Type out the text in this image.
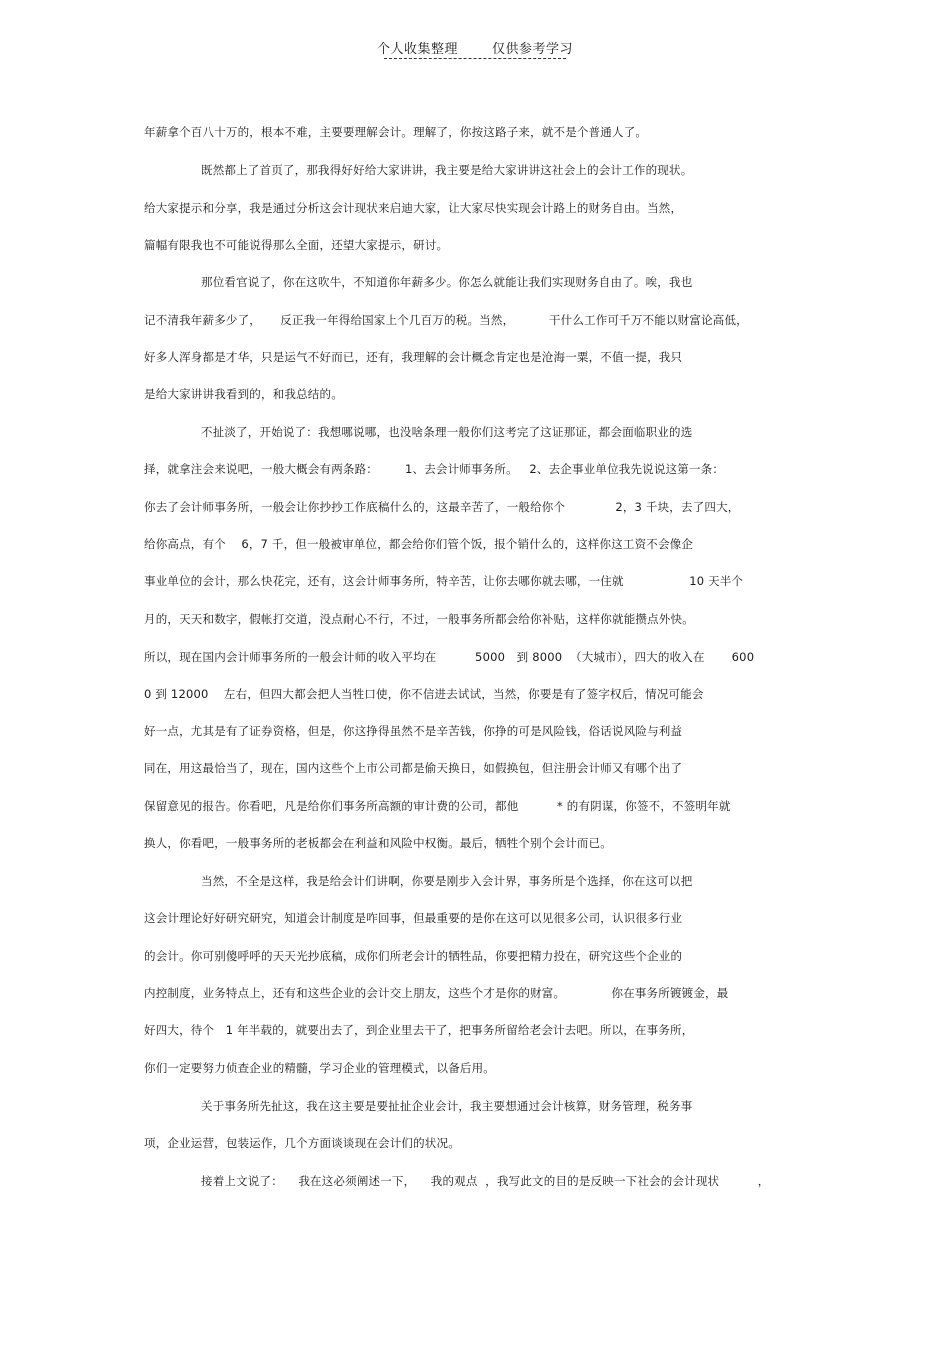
个人收集整理	仅供参考学习
年薪拿个百八十万的，根本不难，主要要理解会计。理解了，你按这路子来，就不是个普通人了。
既然都上了首页了，那我得好好给大家讲讲，我主要是给大家讲讲这社会上的会计工作的现状。
给大家提示和分享，我是通过分析这会计现状来启迪大家，让大家尽快实现会计路上的财务自由。当然，
篇幅有限我也不可能说得那么全面，还望大家提示，研讨。
那位看官说了，你在这吹牛，不知道你年薪多少。你怎么就能让我们实现财务自由了。唉，我也
记不清我年薪多少了，     反正我一年得给国家上个几百万的税。当然，         干什么工作可千万不能以财富论高低，
好多人浑身都是才华，只是运气不好而已，还有，我理解的会计概念肯定也是沧海一粟，不值一提，我只
是给大家讲讲我看到的，和我总结的。
不扯淡了，开始说了：我想哪说哪，也没啥条理一般你们这考完了这证那证，都会面临职业的选
择，就拿注会来说吧，一般大概会有两条路：       1、去会计师事务所。   2、去企事业单位我先说说这第一条：
你去了会计师事务所，一般会让你抄抄工作底稿什么的，这最辛苦了，一般给你个             2，3 千块，去了四大，
给你高点，有个    6，7 千，但一般被审单位，都会给你们管个饭，报个销什么的，这样你这工资不会像企
事业单位的会计，那么快花完，还有，这会计师事务所，特辛苦，让你去哪你就去哪，一住就                 10 天半个
月的，天天和数字，假帐打交道，没点耐心不行，不过，一般事务所都会给你补贴，这样你就能攒点外快。
所以，现在国内会计师事务所的一般会计师的收入平均在          5000   到 8000  （大城市），四大的收入在       600
0 到 12000    左右，但四大都会把人当牲口使，你不信进去试试，当然，你要是有了签字权后，情况可能会
好一点，尤其是有了证券资格，但是，你这挣得虽然不是辛苦钱，你挣的可是风险钱，俗话说风险与利益
同在，用这最恰当了，现在，国内这些个上市公司都是偷天换日，如假换包，但注册会计师又有哪个出了
保留意见的报告。你看吧，凡是给你们事务所高额的审计费的公司，都他          * 的有阴谋，你签不，不签明年就
换人，你看吧，一般事务所的老板都会在利益和风险中权衡。最后，牺牲个别个会计而已。
当然，不全是这样，我是给会计们讲啊，你要是刚步入会计界，事务所是个选择，你在这可以把
这会计理论好好研究研究，知道会计制度是咋回事，但最重要的是你在这可以见很多公司，认识很多行业
的会计。你可别傻呼呼的天天光抄底稿，成你们所老会计的牺牲品，你要把精力投在，研究这些个企业的
内控制度，业务特点上，还有和这些企业的会计交上朋友，这些个才是你的财富。            你在事务所镀镀金，最
好四大，待个   1 年半载的，就要出去了，到企业里去干了，把事务所留给老会计去吧。所以，在事务所，
你们一定要努力侦查企业的精髓，学习企业的管理模式，以备后用。
关于事务所先扯这，我在这主要是要扯扯企业会计，我主要想通过会计核算，财务管理，税务事
项，企业运营，包装运作，几个方面谈谈现在会计们的状况。
接着上文说了：    我在这必须阐述一下，    我的观点  ，我写此文的目的是反映一下社会的会计现状          ，
